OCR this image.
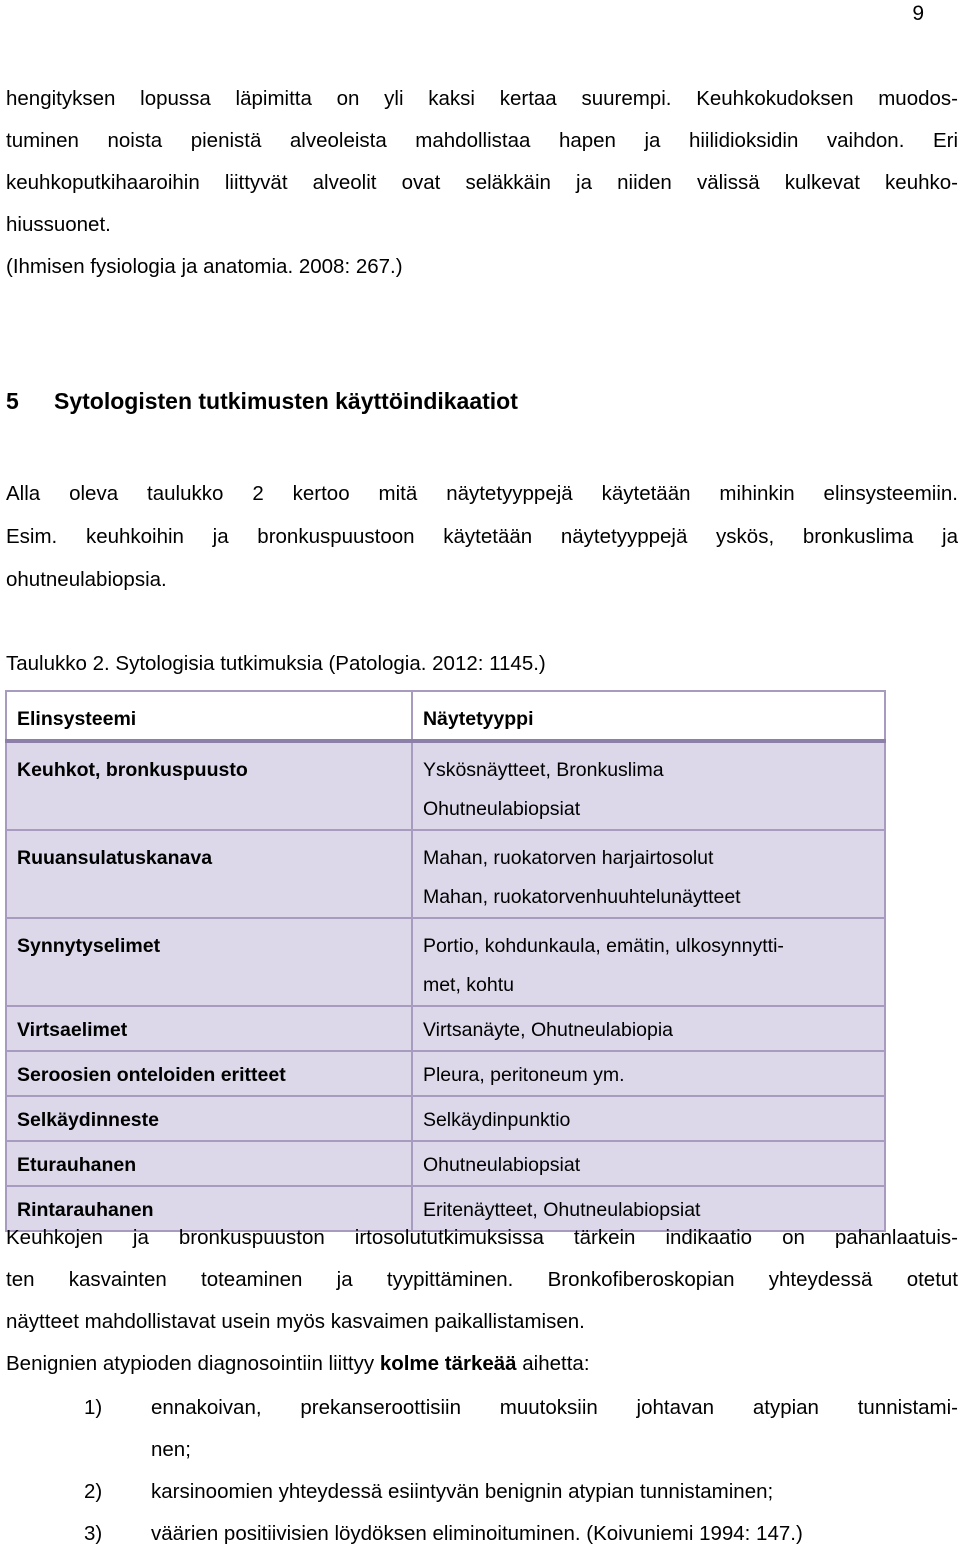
9
hengityksen lopussa läpimitta on yli kaksi kertaa suurempi. Keuhkokudoksen muodos-
tuminen noista pienistä alveoleista mahdollistaa hapen ja hiilidioksidin vaihdon. Eri
keuhkoputkihaaroihin liittyvät alveolit ovat seläkkäin ja niiden välissä kulkevat keuhko-
hiussuonet.
(Ihmisen fysiologia ja anatomia. 2008: 267.)
5 Sytologisten tutkimusten käyttöindikaatiot
Alla oleva taulukko 2 kertoo mitä näytetyyppejä käytetään mihinkin elinsysteemiin.
Esim. keuhkoihin ja bronkuspuustoon käytetään näytetyyppejä yskös, bronkuslima ja
ohutneulabiopsia.
Taulukko 2. Sytologisia tutkimuksia (Patologia. 2012: 1145.)
Elinsysteemi	Näytetyyppi
Keuhkot, bronkuspuusto	Yskösnäytteet, Bronkuslima
Ohutneulabiopsiat

Ruuansulatuskanava	Mahan, ruokatorven harjairtosolut
Mahan, ruokatorvenhuuhtelunäytteet

Synnytyselimet	Portio, kohdunkaula, emätin, ulkosynnytti-
met, kohtu

Virtsaelimet	Virtsanäyte, Ohutneulabiopia
Seroosien onteloiden eritteet	Pleura, peritoneum ym.
Selkäydinneste	Selkäydinpunktio
Eturauhanen	Ohutneulabiopsiat
Rintarauhanen	Eritenäytteet, Ohutneulabiopsiat
Keuhkojen ja bronkuspuuston irtosolututkimuksissa tärkein indikaatio on pahanlaatuis-
ten kasvainten toteaminen ja tyypittäminen. Bronkofiberoskopian yhteydessä otetut
näytteet mahdollistavat usein myös kasvaimen paikallistamisen.
Benignien atypioden diagnosointiin liittyy kolme tärkeää aihetta:
1) ennakoivan, prekanseroottisiin muutoksiin johtavan atypian tunnistami-
nen;
2) karsinoomien yhteydessä esiintyvän benignin atypian tunnistaminen;
3) väärien positiivisien löydöksen eliminoituminen. (Koivuniemi 1994: 147.)
